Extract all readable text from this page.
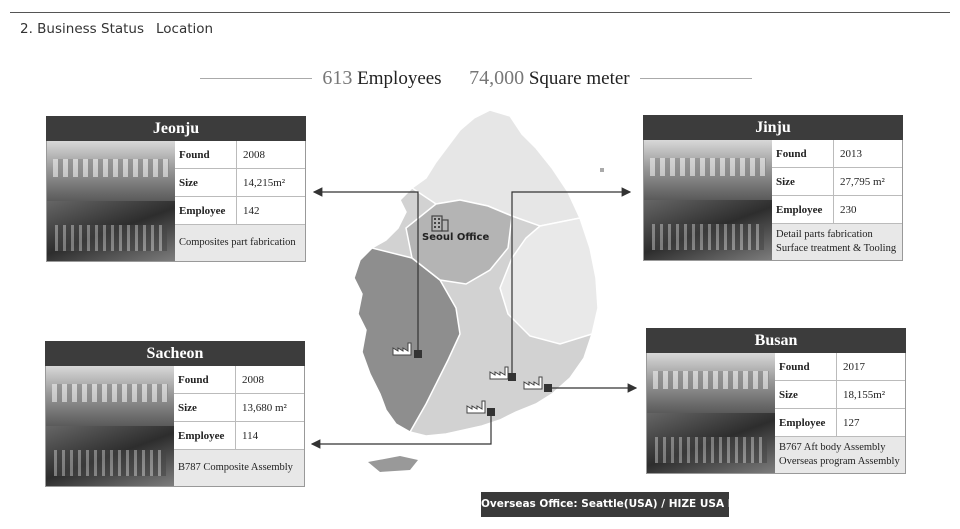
2. Business Status Location
613 Employees 74,000 Square meter
Seoul Office
Jeonju
Found	2008
Size	14,215m²
Employee	142
Composites part fabrication
Jinju
Found	2013
Size	27,795 m²
Employee	230
Detail parts fabrication
Surface treatment & Tooling
Sacheon
Found	2008
Size	13,680 m²
Employee	114
B787 Composite Assembly
Busan
Found	2017
Size	18,155m²
Employee	127
B767 Aft body Assembly
Overseas program Assembly
Overseas Office: Seattle(USA) / HIZE USA Inc.
